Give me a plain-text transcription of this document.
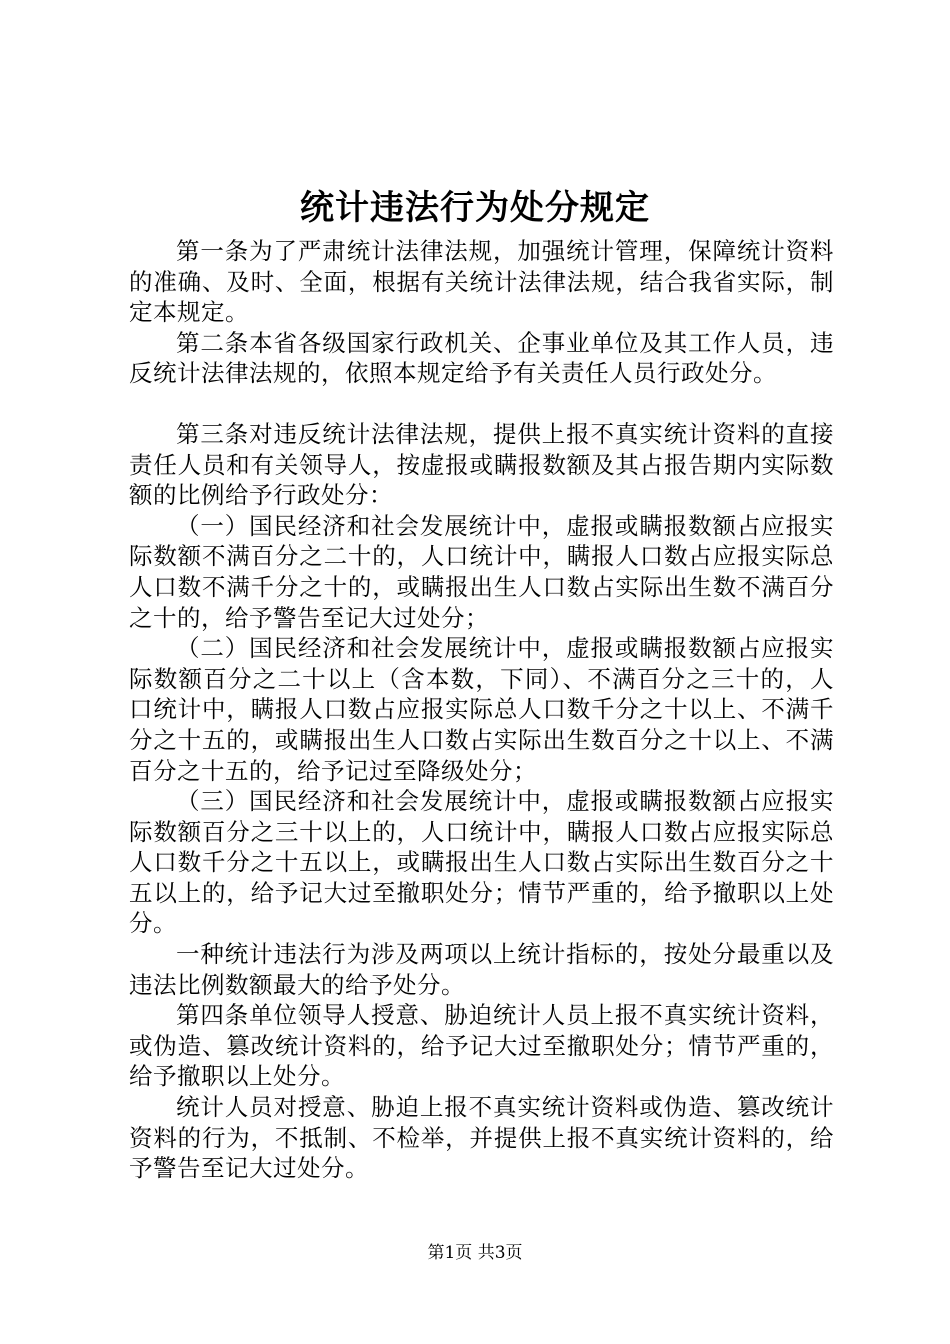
统计违法行为处分规定

第一条为了严肃统计法律法规，加强统计管理，保障统计资料的准确、及时、全面，根据有关统计法律法规，结合我省实际，制定本规定。

第二条本省各级国家行政机关、企事业单位及其工作人员，违反统计法律法规的，依照本规定给予有关责任人员行政处分。

第三条对违反统计法律法规，提供上报不真实统计资料的直接责任人员和有关领导人，按虚报或瞒报数额及其占报告期内实际数额的比例给予行政处分：

（一）国民经济和社会发展统计中，虚报或瞒报数额占应报实际数额不满百分之二十的，人口统计中，瞒报人口数占应报实际总人口数不满千分之十的，或瞒报出生人口数占实际出生数不满百分之十的，给予警告至记大过处分；

（二）国民经济和社会发展统计中，虚报或瞒报数额占应报实际数额百分之二十以上（含本数，下同）、不满百分之三十的，人口统计中，瞒报人口数占应报实际总人口数千分之十以上、不满千分之十五的，或瞒报出生人口数占实际出生数百分之十以上、不满百分之十五的，给予记过至降级处分；

（三）国民经济和社会发展统计中，虚报或瞒报数额占应报实际数额百分之三十以上的，人口统计中，瞒报人口数占应报实际总人口数千分之十五以上，或瞒报出生人口数占实际出生数百分之十五以上的，给予记大过至撤职处分；情节严重的，给予撤职以上处分。

一种统计违法行为涉及两项以上统计指标的，按处分最重以及违法比例数额最大的给予处分。

第四条单位领导人授意、胁迫统计人员上报不真实统计资料，或伪造、篡改统计资料的，给予记大过至撤职处分；情节严重的，给予撤职以上处分。

统计人员对授意、胁迫上报不真实统计资料或伪造、篡改统计资料的行为，不抵制、不检举，并提供上报不真实统计资料的，给予警告至记大过处分。

第1页 共3页
